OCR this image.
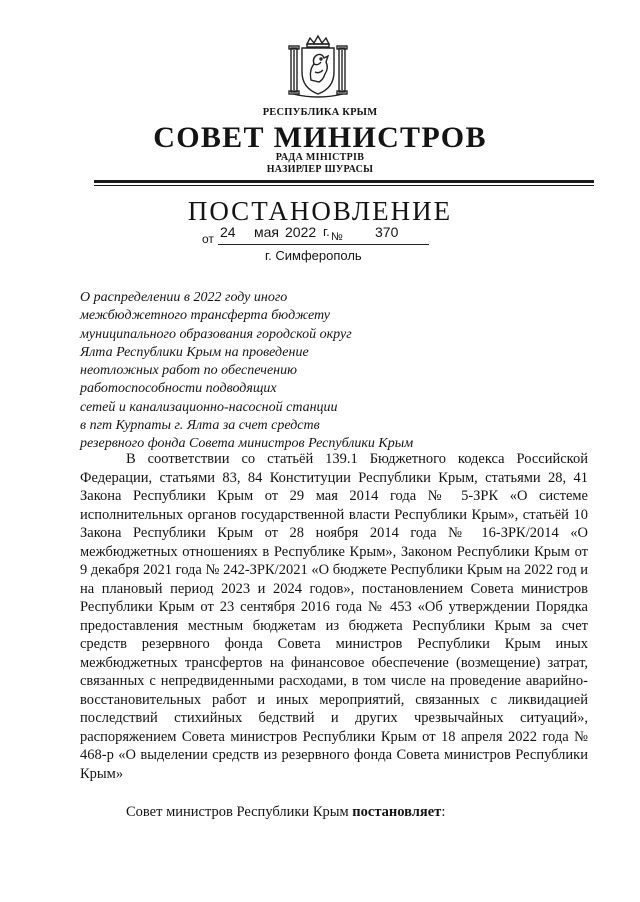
РЕСПУБЛИКА КРЫМ
СОВЕТ МИНИСТРОВ
РАДА МІНІСТРІВ
НАЗИРЛЕР ШУРАСЫ
ПОСТАНОВЛЕНИЕ
от 24 мая 2022 г. № 370
г. Симферополь
О распределении в 2022 году иного
межбюджетного трансферта бюджету
муниципального образования городской округ
Ялта Республики Крым на проведение
неотложных работ по обеспечению
работоспособности подводящих
сетей и канализационно-насосной станции
в пгт Курпаты г. Ялта за счет средств
резервного фонда Совета министров Республики Крым

В соответствии со статьёй 139.1 Бюджетного кодекса Российской Федерации, статьями 83, 84 Конституции Республики Крым, статьями 28, 41 Закона Республики Крым от 29 мая 2014 года № 5-ЗРК «О системе исполнительных органов государственной власти Республики Крым», статьёй 10 Закона Республики Крым от 28 ноября 2014 года № 16-ЗРК/2014 «О межбюджетных отношениях в Республике Крым», Законом Республики Крым от 9 декабря 2021 года № 242-ЗРК/2021 «О бюджете Республики Крым на 2022 год и на плановый период 2023 и 2024 годов», постановлением Совета министров Республики Крым от 23 сентября 2016 года № 453 «Об утверждении Порядка предоставления местным бюджетам из бюджета Республики Крым за счет средств резервного фонда Совета министров Республики Крым иных межбюджетных трансфертов на финансовое обеспечение (возмещение) затрат, связанных с непредвиденными расходами, в том числе на проведение аварийно-восстановительных работ и иных мероприятий, связанных с ликвидацией последствий стихийных бедствий и других чрезвычайных ситуаций», распоряжением Совета министров Республики Крым от 18 апреля 2022 года № 468-р «О выделении средств из резервного фонда Совета министров Республики Крым»

Совет министров Республики Крым постановляет:
